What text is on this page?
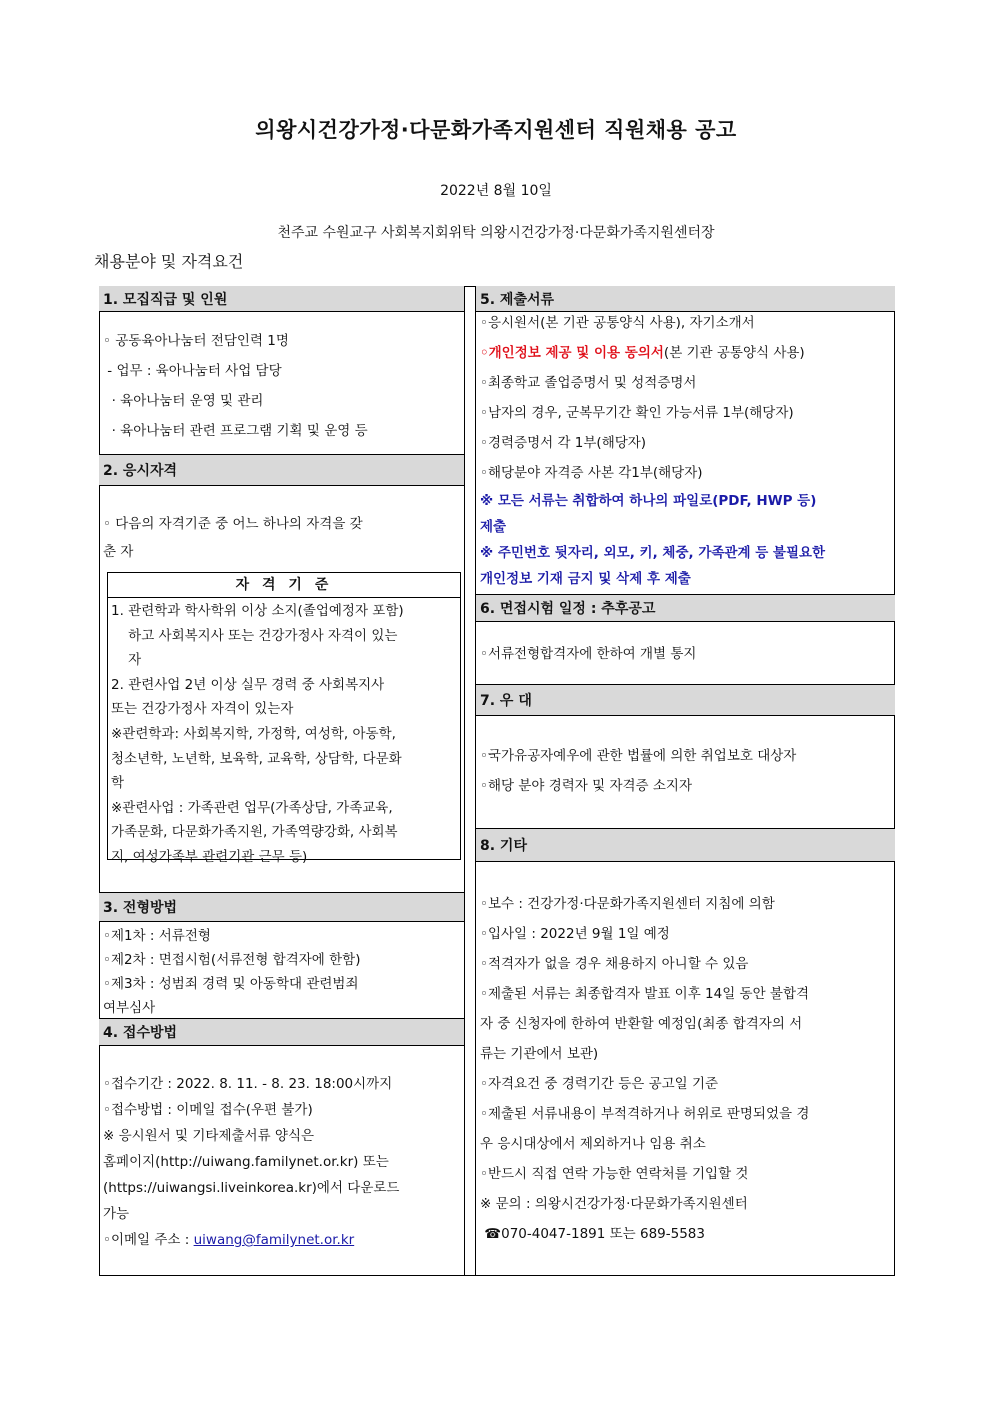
의왕시건강가정·다문화가족지원센터 직원채용 공고
2022년 8월 10일
천주교 수원교구 사회복지회위탁 의왕시건강가정·다문화가족지원센터장
채용분야 및 자격요건
1. 모집직급 및 인원
◦ 공동육아나눔터 전담인력 1명
- 업무 : 육아나눔터 사업 담당
· 육아나눔터 운영 및 관리
· 육아나눔터 관련 프로그램 기획 및 운영 등
2. 응시자격
◦ 다음의 자격기준 중 어느 하나의 자격을 갖
춘 자
자 격 기 준
1. 관련학과 학사학위 이상 소지(졸업예정자 포함)
하고 사회복지사 또는 건강가정사 자격이 있는
자
2. 관련사업 2년 이상 실무 경력 중 사회복지사
또는 건강가정사 자격이 있는자
※관련학과: 사회복지학, 가정학, 여성학, 아동학,
청소년학, 노년학, 보육학, 교육학, 상담학, 다문화
학
※관련사업 : 가족관련 업무(가족상담, 가족교육,
가족문화, 다문화가족지원, 가족역량강화, 사회복
지, 여성가족부 관련기관 근무 등)
3. 전형방법
◦제1차 : 서류전형
◦제2차 : 면접시험(서류전형 합격자에 한함)
◦제3차 : 성범죄 경력 및 아동학대 관련범죄
여부심사
4. 접수방법
◦접수기간 : 2022. 8. 11. - 8. 23. 18:00시까지
◦접수방법 : 이메일 접수(우편 불가)
※ 응시원서 및 기타제출서류 양식은
홈페이지(http://uiwang.familynet.or.kr) 또는
(https://uiwangsi.liveinkorea.kr)에서 다운로드
가능
◦이메일 주소 : uiwang@familynet.or.kr
5. 제출서류
◦응시원서(본 기관 공통양식 사용), 자기소개서
◦개인정보 제공 및 이용 동의서(본 기관 공통양식 사용)
◦최종학교 졸업증명서 및 성적증명서
◦남자의 경우, 군복무기간 확인 가능서류 1부(해당자)
◦경력증명서 각 1부(해당자)
◦해당분야 자격증 사본 각1부(해당자)
※ 모든 서류는 취합하여 하나의 파일로(PDF, HWP 등)
제출
※ 주민번호 뒷자리, 외모, 키, 체중, 가족관계 등 불필요한
개인정보 기재 금지 및 삭제 후 제출
6. 면접시험 일정 : 추후공고
◦서류전형합격자에 한하여 개별 통지
7. 우 대
◦국가유공자예우에 관한 법률에 의한 취업보호 대상자
◦해당 분야 경력자 및 자격증 소지자
8. 기타
◦보수 : 건강가정·다문화가족지원센터 지침에 의함
◦입사일 : 2022년 9월 1일 예정
◦적격자가 없을 경우 채용하지 아니할 수 있음
◦제출된 서류는 최종합격자 발표 이후 14일 동안 불합격
자 중 신청자에 한하여 반환할 예정임(최종 합격자의 서
류는 기관에서 보관)
◦자격요건 중 경력기간 등은 공고일 기준
◦제출된 서류내용이 부적격하거나 허위로 판명되었을 경
우 응시대상에서 제외하거나 임용 취소
◦반드시 직접 연락 가능한 연락처를 기입할 것
※ 문의 : 의왕시건강가정·다문화가족지원센터
☎070-4047-1891 또는 689-5583
